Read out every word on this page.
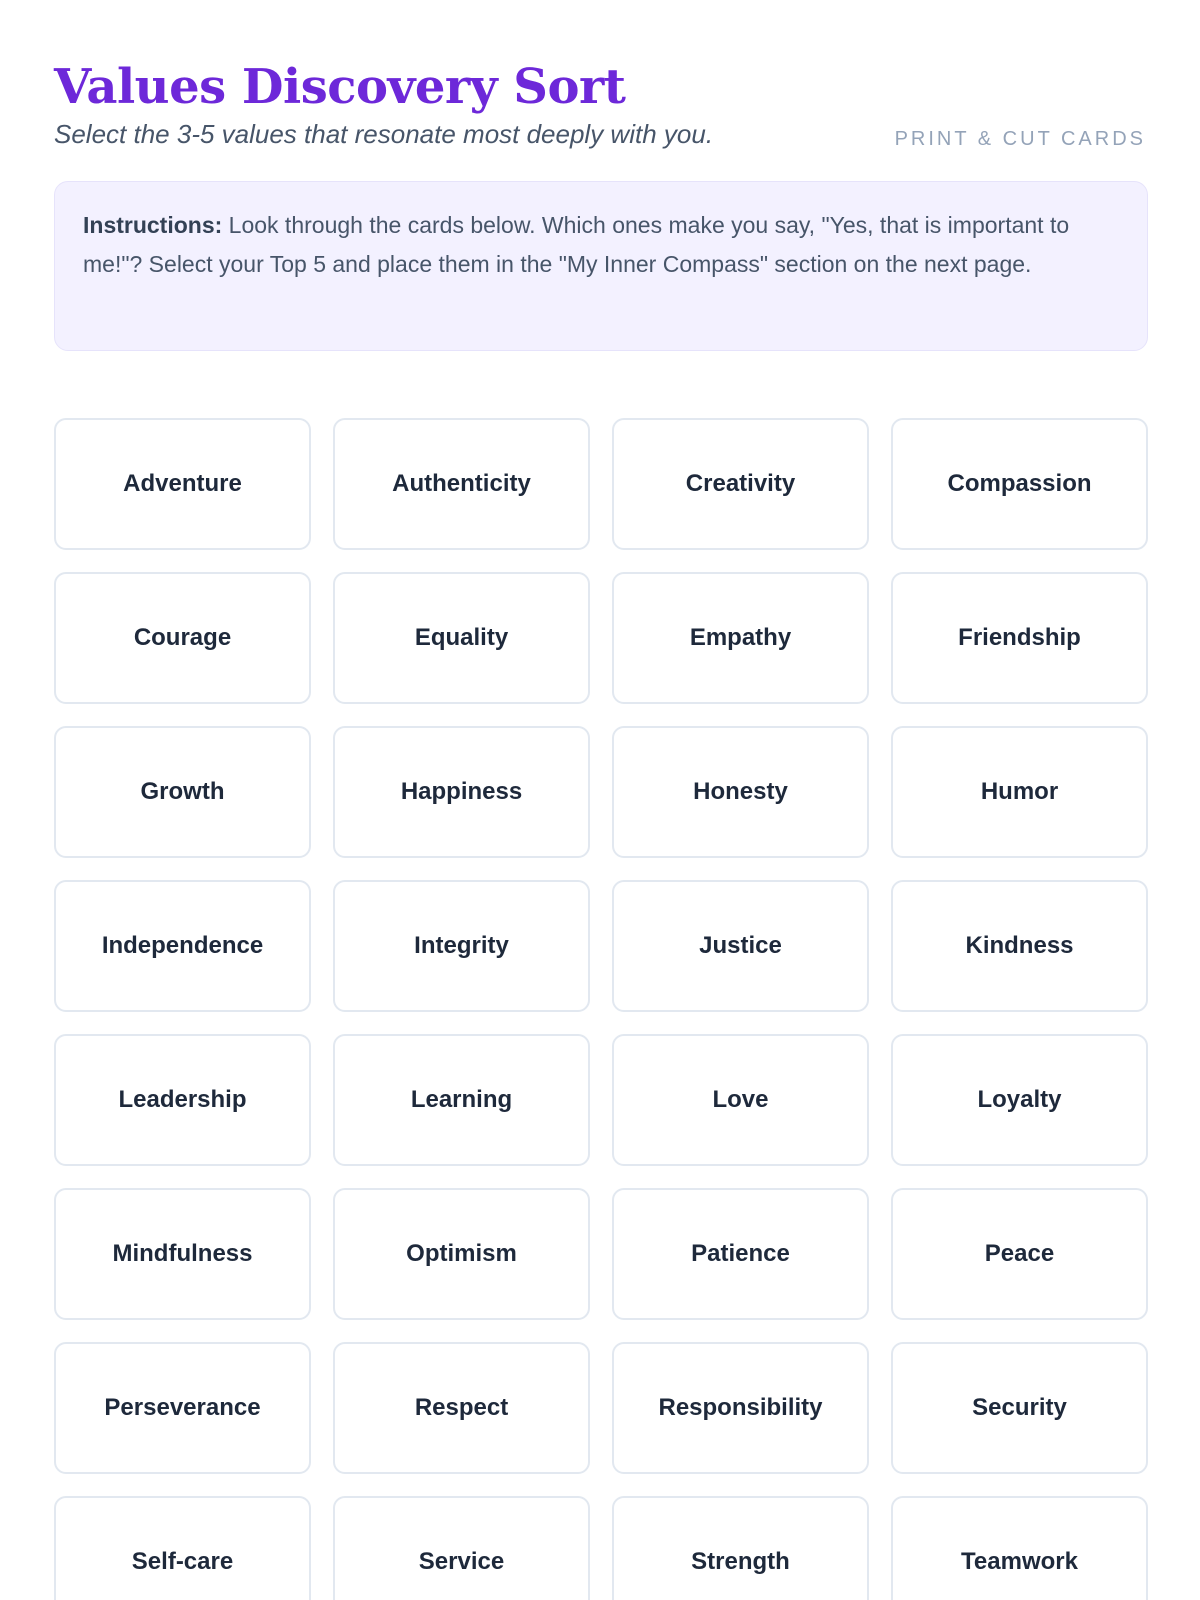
Values Discovery Sort

Select the 3-5 values that resonate most deeply with you.	PRINT & CUT CARDS
Instructions: Look through the cards below. Which ones make you say, "Yes, that is important to me!"? Select your Top 5 and place them in the "My Inner Compass" section on the next page.
Adventure	Authenticity	Creativity	Compassion
Courage	Equality	Empathy	Friendship
Growth	Happiness	Honesty	Humor
Independence	Integrity	Justice	Kindness
Leadership	Learning	Love	Loyalty
Mindfulness	Optimism	Patience	Peace
Perseverance	Respect	Responsibility	Security
Self-care	Service	Strength	Teamwork
